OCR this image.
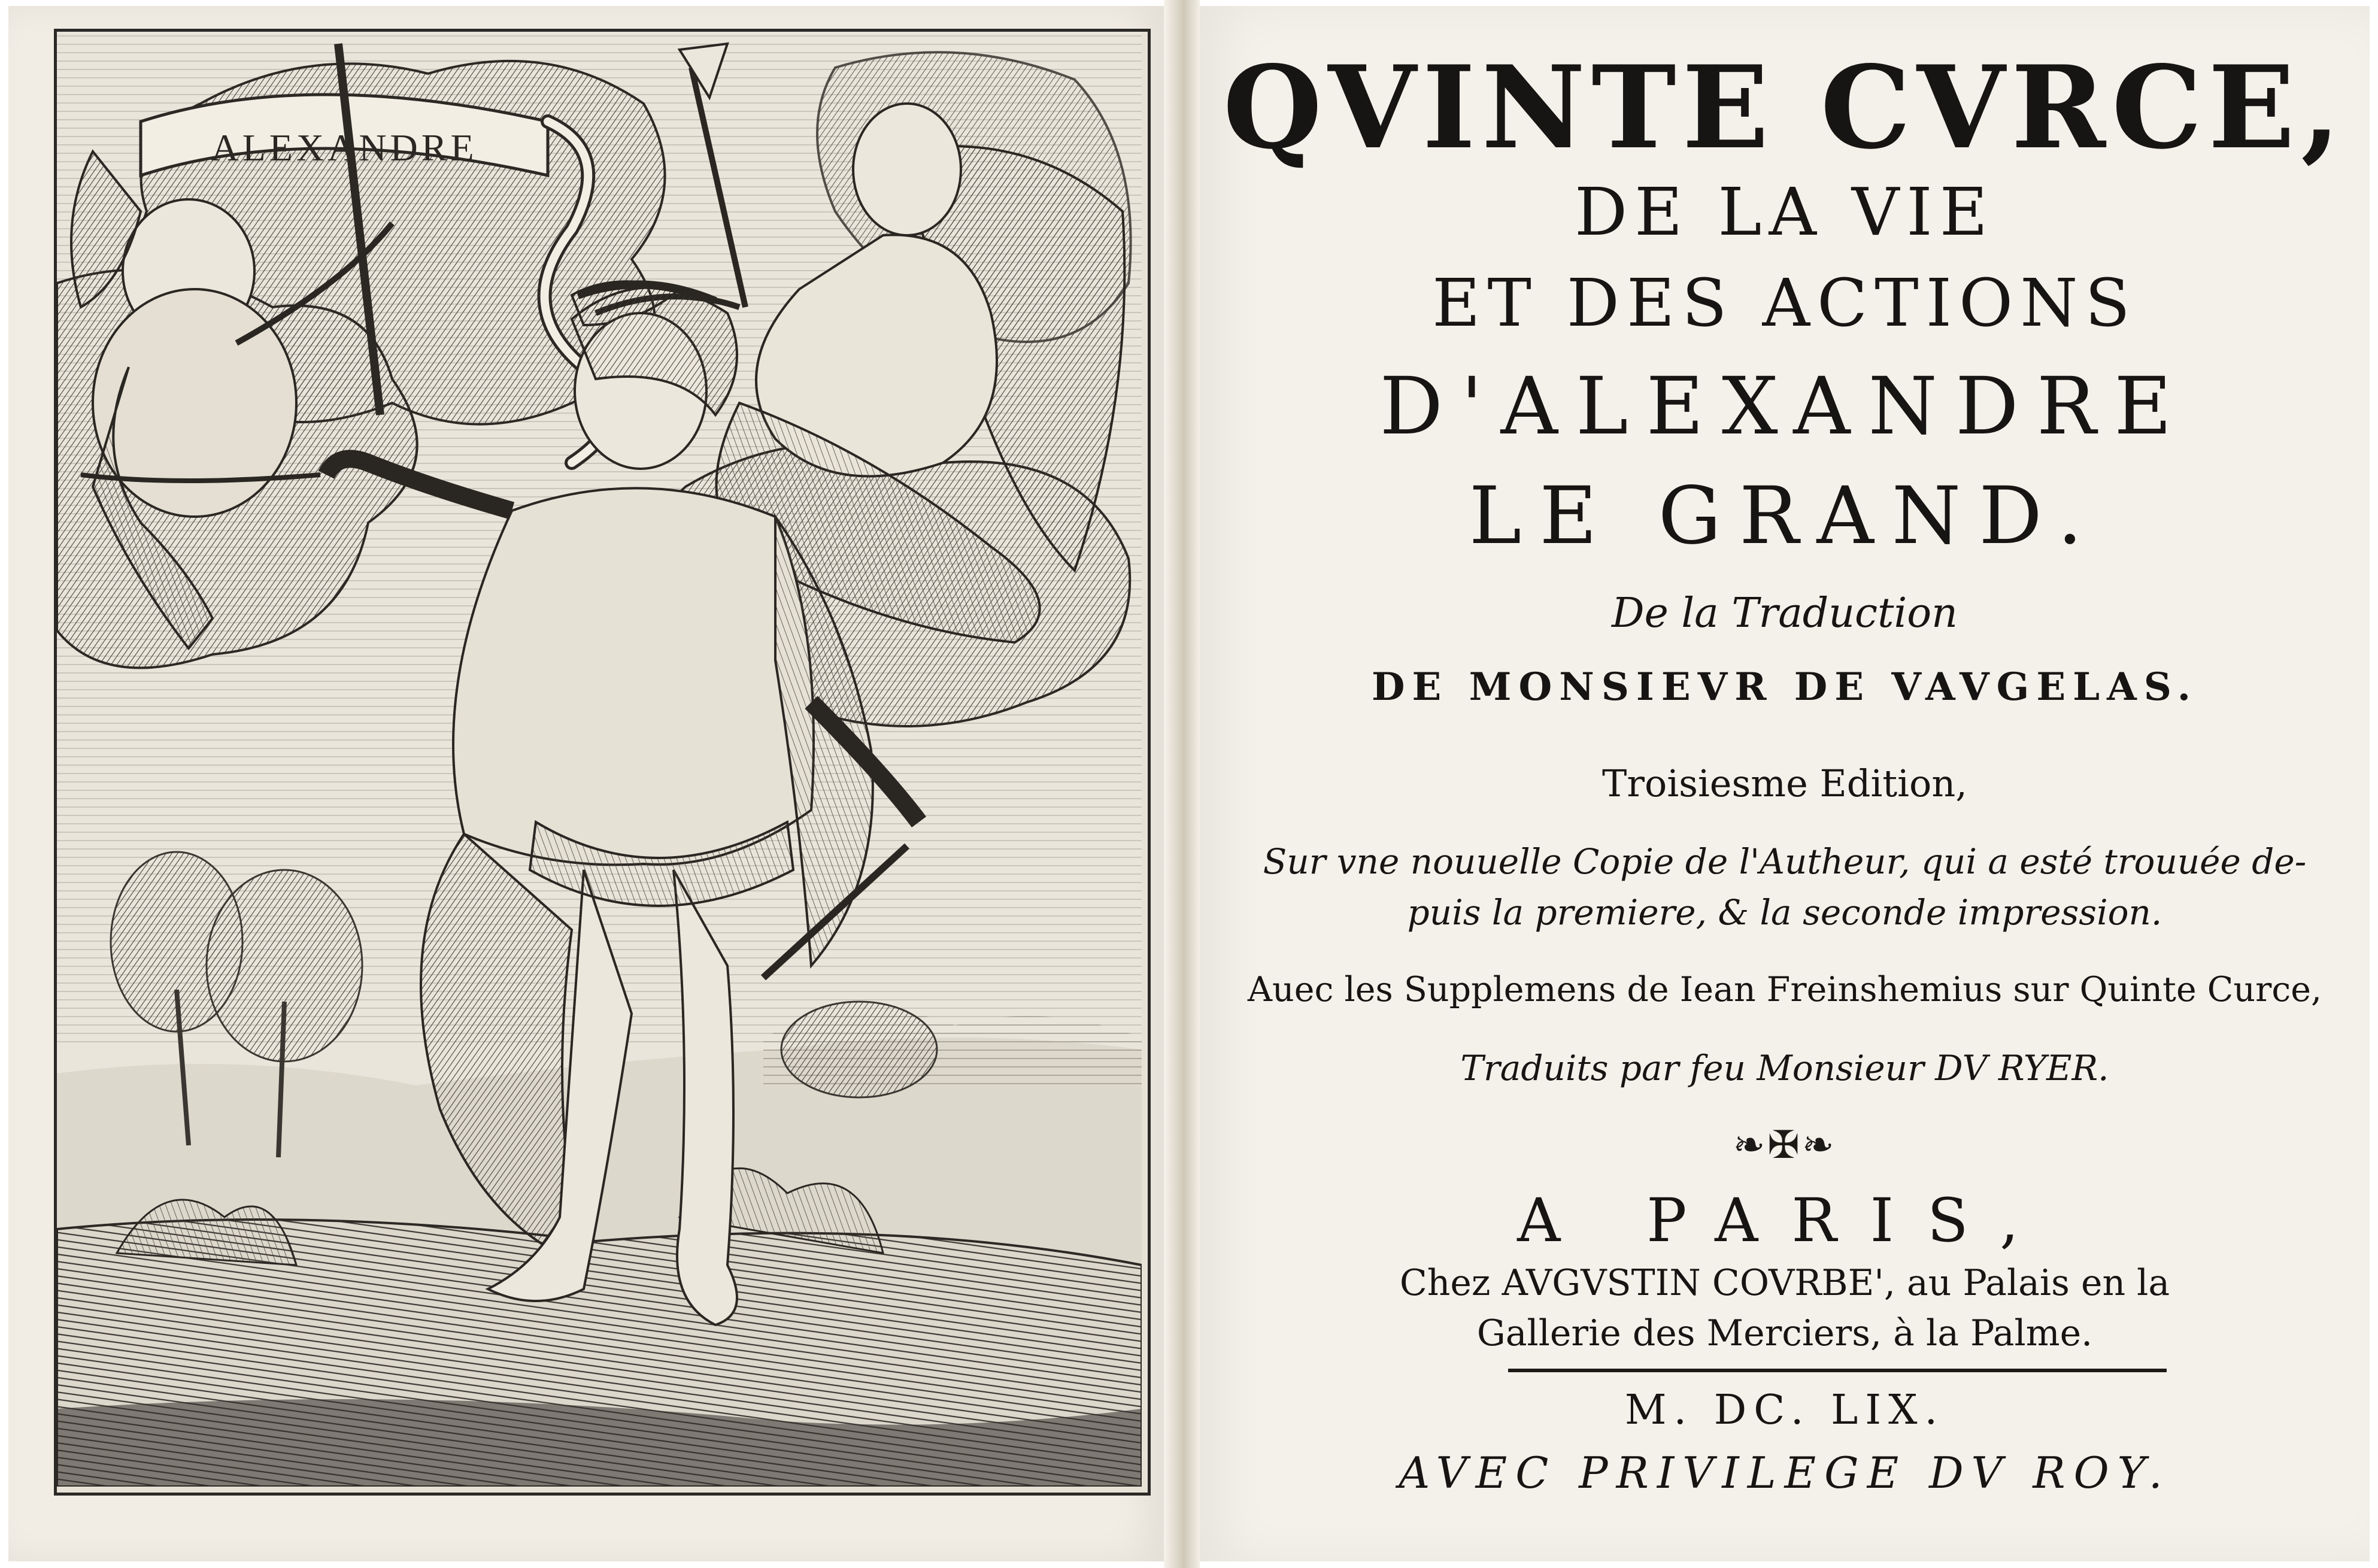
ALEXANDRE	QVINTE CVRCE,
DE LA VIE
ET DES ACTIONS
D'ALEXANDRE
LE GRAND.
De la Traduction
DE MONSIEVR DE VAVGELAS.
Troisiesme Edition,
Sur vne nouuelle Copie de l'Autheur, qui a esté trouuée de-
puis la premiere, & la seconde impression.
Auec les Supplemens de Iean Freinshemius sur Quinte Curce,
Traduits par feu Monsieur DV RYER.
❧✠❧
A PARIS,
Chez AVGVSTIN COVRBE', au Palais en la
Gallerie des Merciers, à la Palme.
M. DC. LIX.
AVEC PRIVILEGE DV ROY.
